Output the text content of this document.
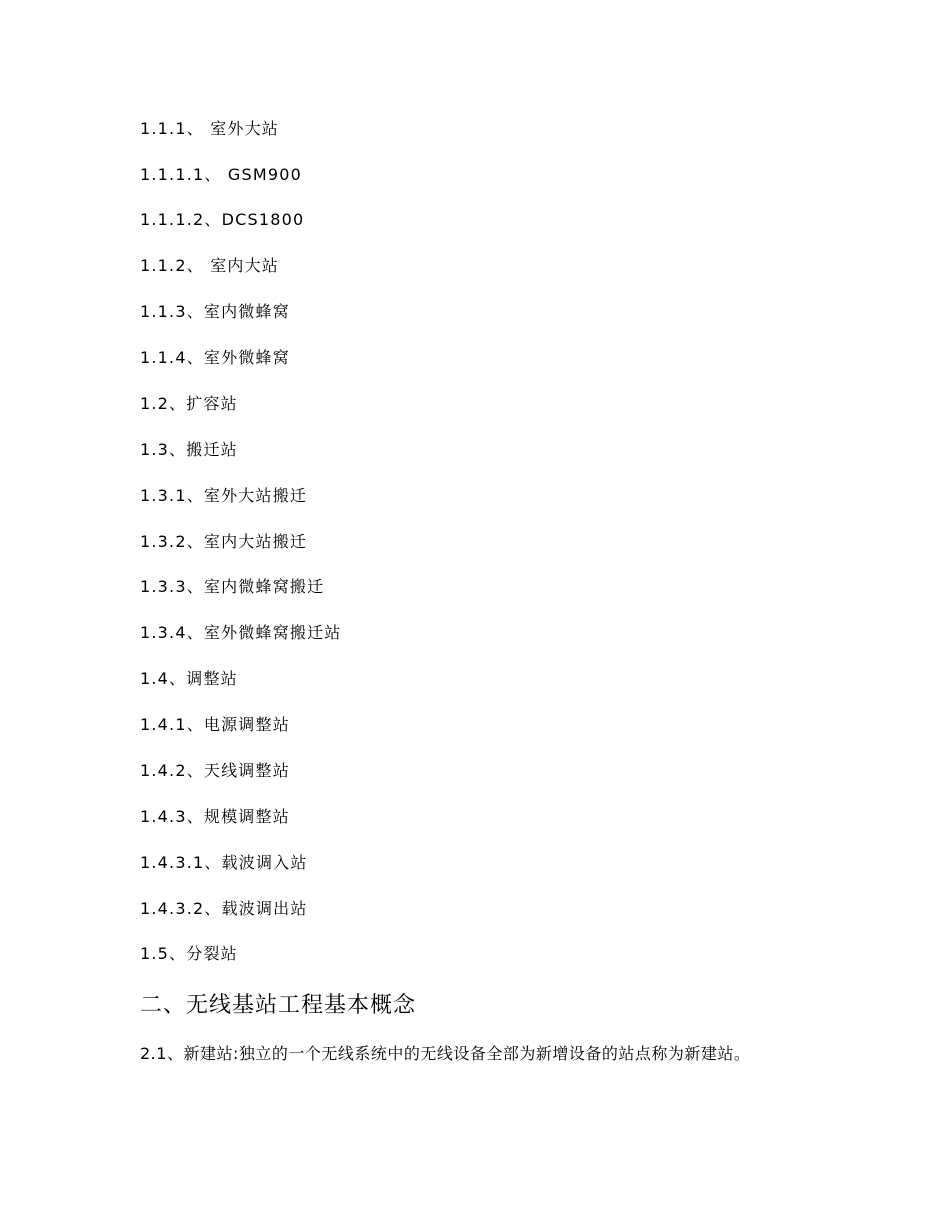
1.1.1、 室外大站
1.1.1.1、 GSM900
1.1.1.2、DCS1800
1.1.2、 室内大站
1.1.3、室内微蜂窝
1.1.4、室外微蜂窝
1.2、扩容站
1.3、搬迁站
1.3.1、室外大站搬迁
1.3.2、室内大站搬迁
1.3.3、室内微蜂窝搬迁
1.3.4、室外微蜂窝搬迁站
1.4、调整站
1.4.1、电源调整站
1.4.2、天线调整站
1.4.3、规模调整站
1.4.3.1、载波调入站
1.4.3.2、载波调出站
1.5、分裂站
二、无线基站工程基本概念
2.1、新建站:独立的一个无线系统中的无线设备全部为新增设备的站点称为新建站。
